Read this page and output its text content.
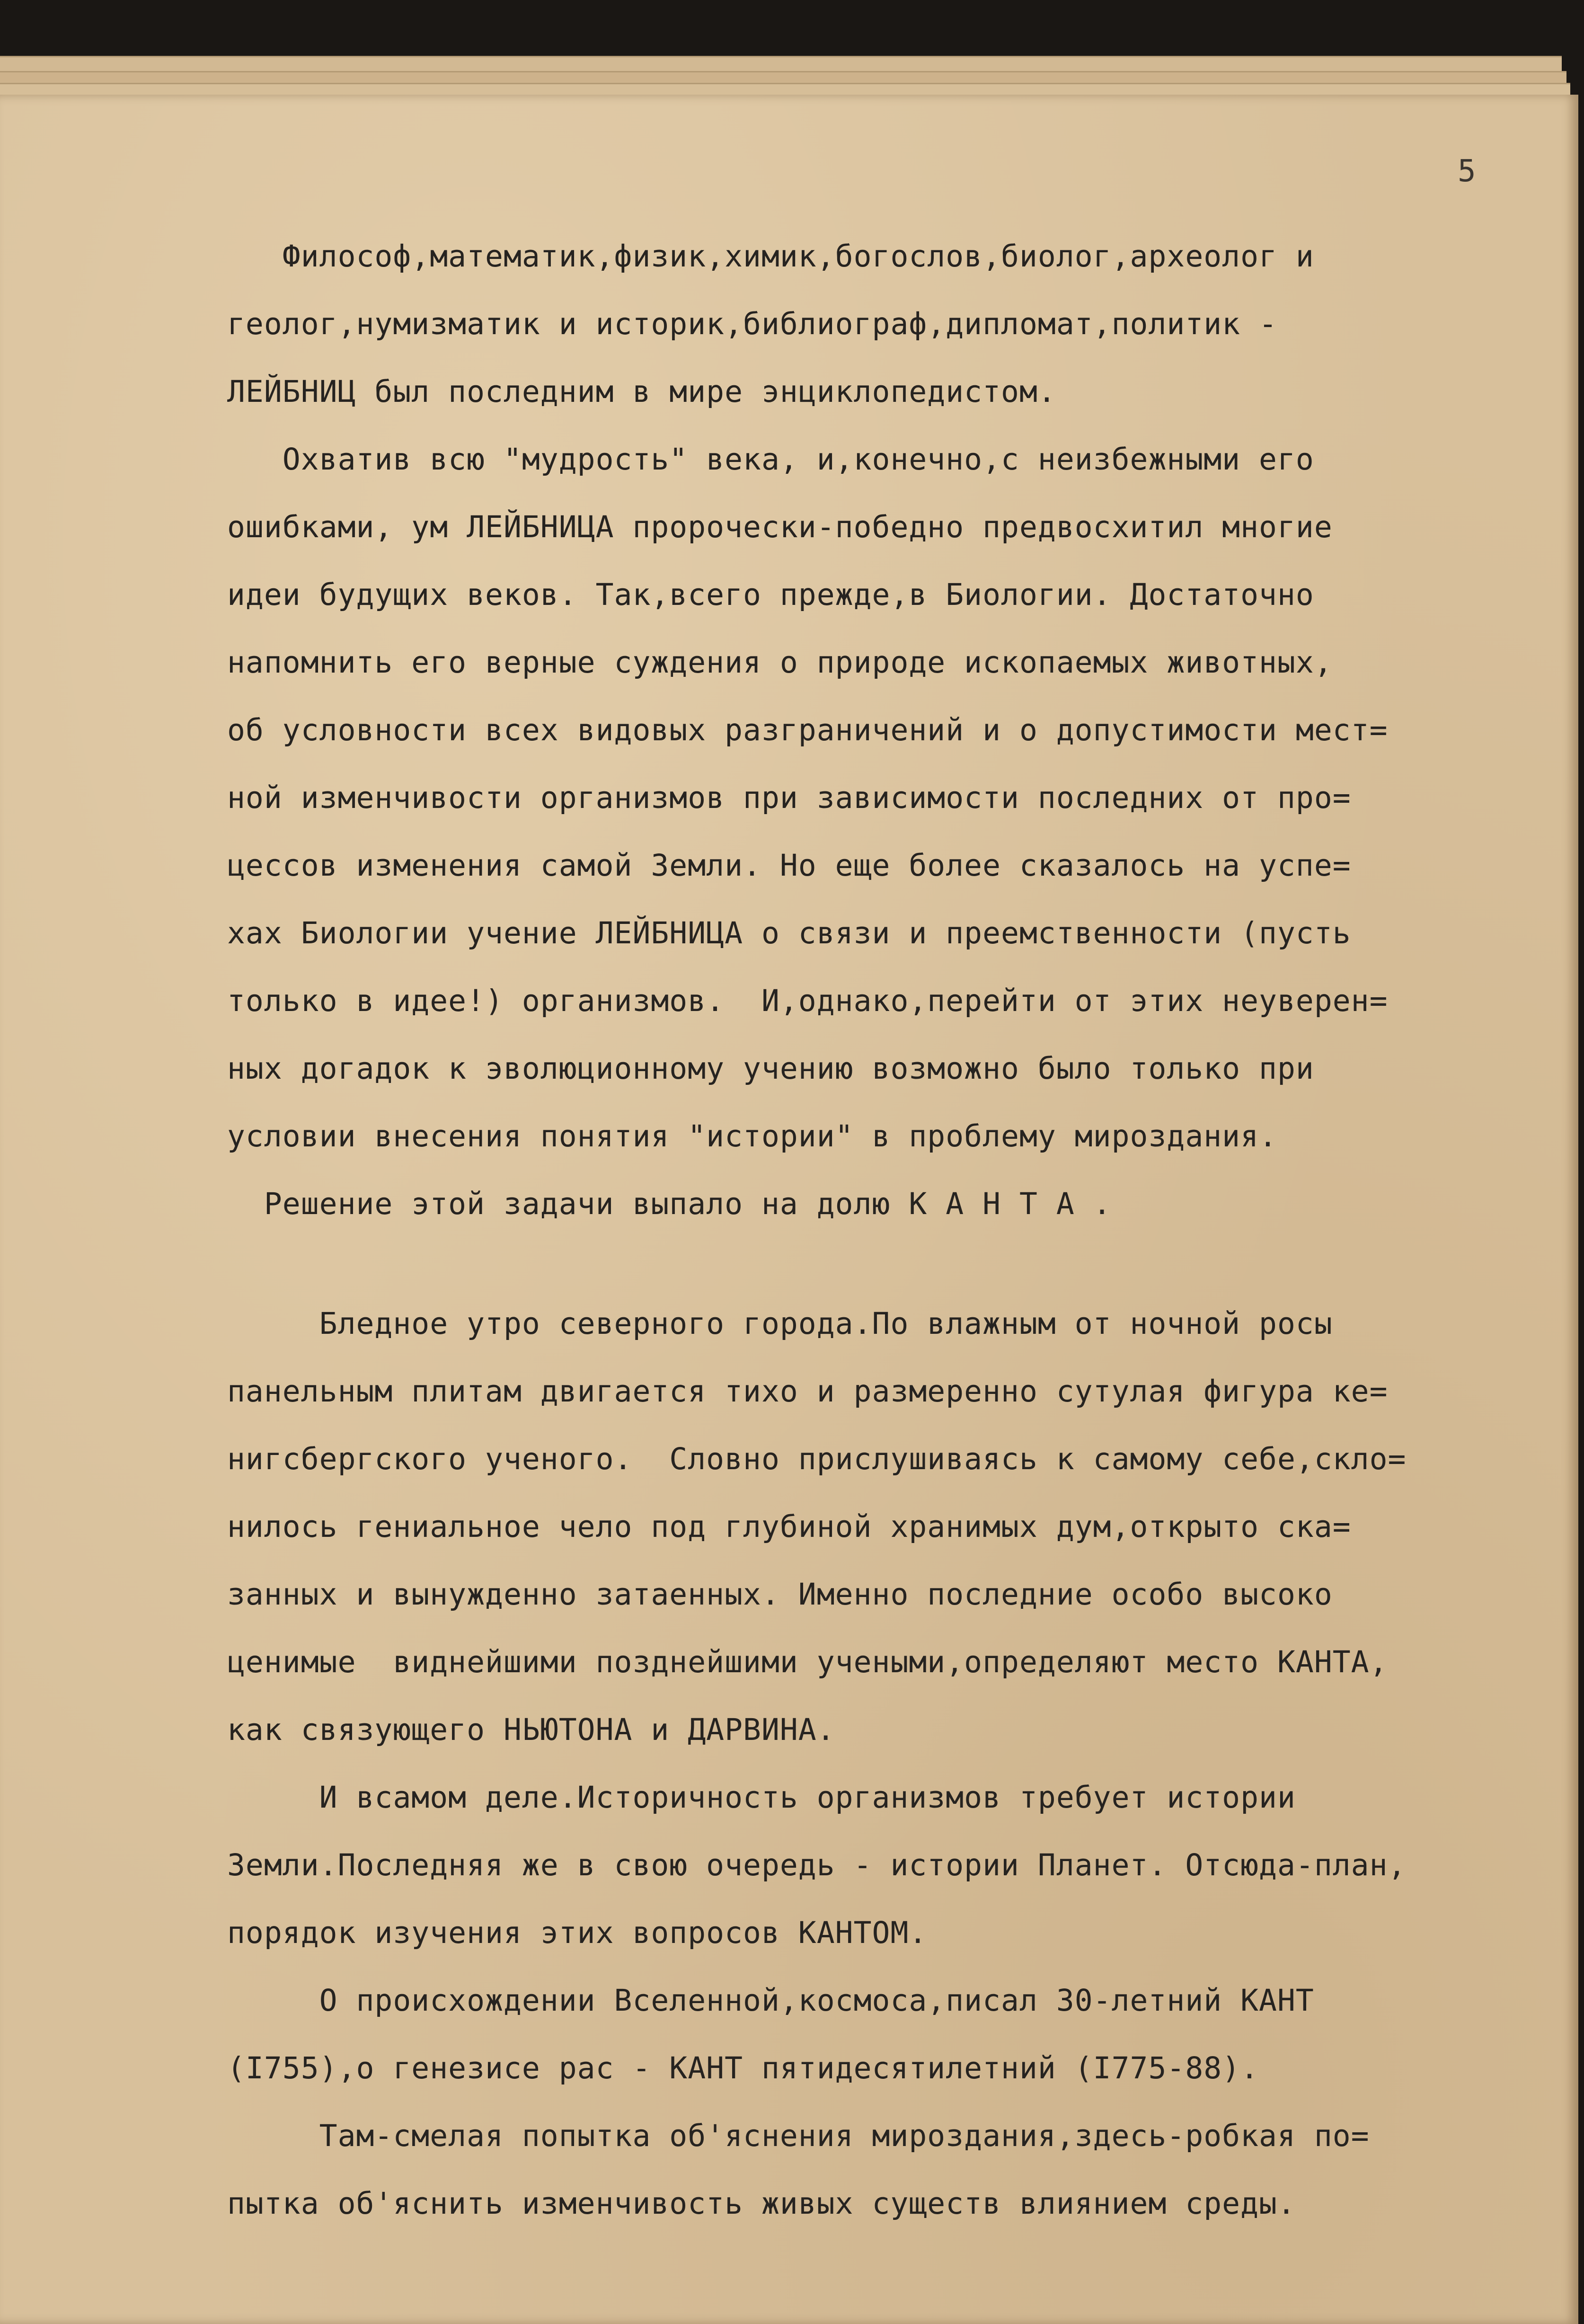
5
Философ,математик,физик,химик,богослов,биолог,археолог и
геолог,нумизматик и историк,библиограф,дипломат,политик -
ЛЕЙБНИЦ был последним в мире энциклопедистом.
Охватив всю "мудрость" века, и,конечно,с неизбежными его
ошибками, ум ЛЕЙБНИЦА пророчески-победно предвосхитил многие
идеи будущих веков. Так,всего прежде,в Биологии. Достаточно
напомнить его верные суждения о природе ископаемых животных,
об условности всех видовых разграничений и о допустимости мест=
ной изменчивости организмов при зависимости последних от про=
цессов изменения самой Земли. Но еще более сказалось на успе=
хах Биологии учение ЛЕЙБНИЦА о связи и преемственности (пусть
только в идее!) организмов.  И,однако,перейти от этих неуверен=
ных догадок к эволюционному учению возможно было только при
условии внесения понятия "истории" в проблему мироздания.
Решение этой задачи выпало на долю К А Н Т А .
Бледное утро северного города.По влажным от ночной росы
панельным плитам двигается тихо и размеренно сутулая фигура ке=
нигсбергского ученого.  Словно прислушиваясь к самому себе,скло=
нилось гениальное чело под глубиной хранимых дум,открыто ска=
занных и вынужденно затаенных. Именно последние особо высоко
ценимые  виднейшими позднейшими учеными,определяют место КАНТА,
как связующего НЬЮТОНА и ДАРВИНА.
И всамом деле.Историчность организмов требует истории
Земли.Последняя же в свою очередь - истории Планет. Отсюда-план,
порядок изучения этих вопросов КАНТОМ.
О происхождении Вселенной,космоса,писал 30-летний КАНТ
(I755),о генезисе рас - КАНТ пятидесятилетний (I775-88).
Там-смелая попытка об'яснения мироздания,здесь-робкая по=
пытка об'яснить изменчивость живых существ влиянием среды.
